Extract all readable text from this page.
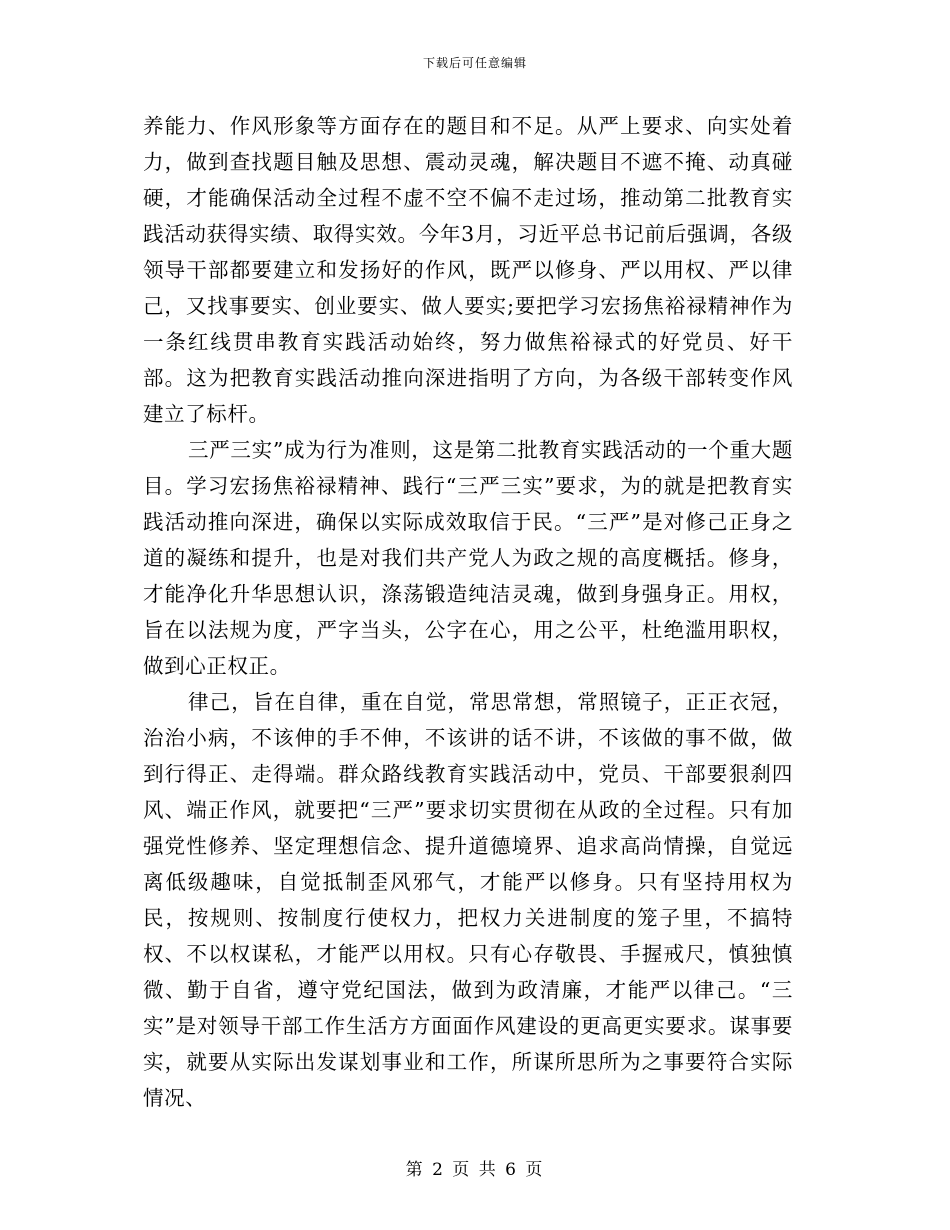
下载后可任意编辑

养能力、作风形象等方面存在的题目和不足。从严上要求、向实处着力，做到查找题目触及思想、震动灵魂，解决题目不遮不掩、动真碰硬，才能确保活动全过程不虚不空不偏不走过场，推动第二批教育实践活动获得实绩、取得实效。今年3月，习近平总书记前后强调，各级领导干部都要建立和发扬好的作风，既严以修身、严以用权、严以律己，又找事要实、创业要实、做人要实;要把学习宏扬焦裕禄精神作为一条红线贯串教育实践活动始终，努力做焦裕禄式的好党员、好干部。这为把教育实践活动推向深进指明了方向，为各级干部转变作风建立了标杆。

三严三实”成为行为准则，这是第二批教育实践活动的一个重大题目。学习宏扬焦裕禄精神、践行“三严三实”要求，为的就是把教育实践活动推向深进，确保以实际成效取信于民。“三严”是对修己正身之道的凝练和提升，也是对我们共产党人为政之规的高度概括。修身，才能净化升华思想认识，涤荡锻造纯洁灵魂，做到身强身正。用权，旨在以法规为度，严字当头，公字在心，用之公平，杜绝滥用职权，做到心正权正。

律己，旨在自律，重在自觉，常思常想，常照镜子，正正衣冠，治治小病，不该伸的手不伸，不该讲的话不讲，不该做的事不做，做到行得正、走得端。群众路线教育实践活动中，党员、干部要狠刹四风、端正作风，就要把“三严”要求切实贯彻在从政的全过程。只有加强党性修养、坚定理想信念、提升道德境界、追求高尚情操，自觉远离低级趣味，自觉抵制歪风邪气，才能严以修身。只有坚持用权为民，按规则、按制度行使权力，把权力关进制度的笼子里，不搞特权、不以权谋私，才能严以用权。只有心存敬畏、手握戒尺，慎独慎微、勤于自省，遵守党纪国法，做到为政清廉，才能严以律己。“三实”是对领导干部工作生活方方面面作风建设的更高更实要求。谋事要实，就要从实际出发谋划事业和工作，所谋所思所为之事要符合实际情况、

第 2 页 共 6 页
